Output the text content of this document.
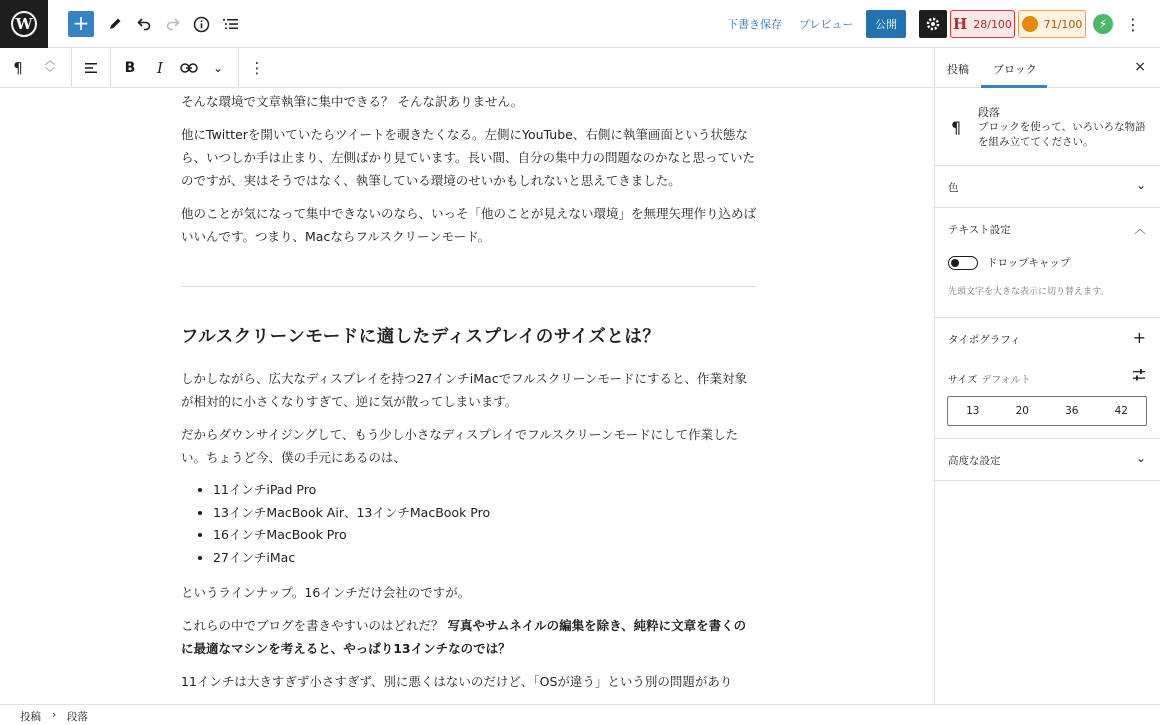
W +	下書き保存 プレビュー	公開	H 28/100	71/100 ⚡ ⋮
¶	︿
﹀	B	I	⌄	⋮

そんな環境で文章執筆に集中できる？ そんな訳ありません。

他にTwitterを開いていたらツイートを覗きたくなる。左側にYouTube、右側に執筆画面という状態なら、いつしか手は止まり、左側ばかり見ています。長い間、自分の集中力の問題なのかなと思っていたのですが、実はそうではなく、執筆している環境のせいかもしれないと思えてきました。

他のことが気になって集中できないのなら、いっそ「他のことが見えない環境」を無理矢理作り込めばいいんです。つまり、Macならフルスクリーンモード。

フルスクリーンモードに適したディスプレイのサイズとは？

しかしながら、広大なディスプレイを持つ27インチiMacでフルスクリーンモードにすると、作業対象が相対的に小さくなりすぎて、逆に気が散ってしまいます。

だからダウンサイジングして、もう少し小さなディスプレイでフルスクリーンモードにして作業したい。ちょうど今、僕の手元にあるのは、

• 11インチiPad Pro
• 13インチMacBook Air、13インチMacBook Pro
• 16インチMacBook Pro
• 27インチiMac

というラインナップ。16インチだけ会社のですが。

これらの中でブログを書きやすいのはどれだ？ 写真やサムネイルの編集を除き、純粋に文章を書くのに最適なマシンを考えると、やっぱり13インチなのでは？

11インチは大きすぎず小さすぎず、別に悪くはないのだけど、「OSが違う」という別の問題があり

投稿 ブロック	×
¶
段落
ブロックを使って、いろいろな物語を組み立ててください。
色	⌄
テキスト設定	︿
ドロップキャップ
先頭文字を大きな表示に切り替えます。
タイポグラフィ	+
サイズ デフォルト
13	20	36	42
高度な設定	⌄
投稿 › 段落
